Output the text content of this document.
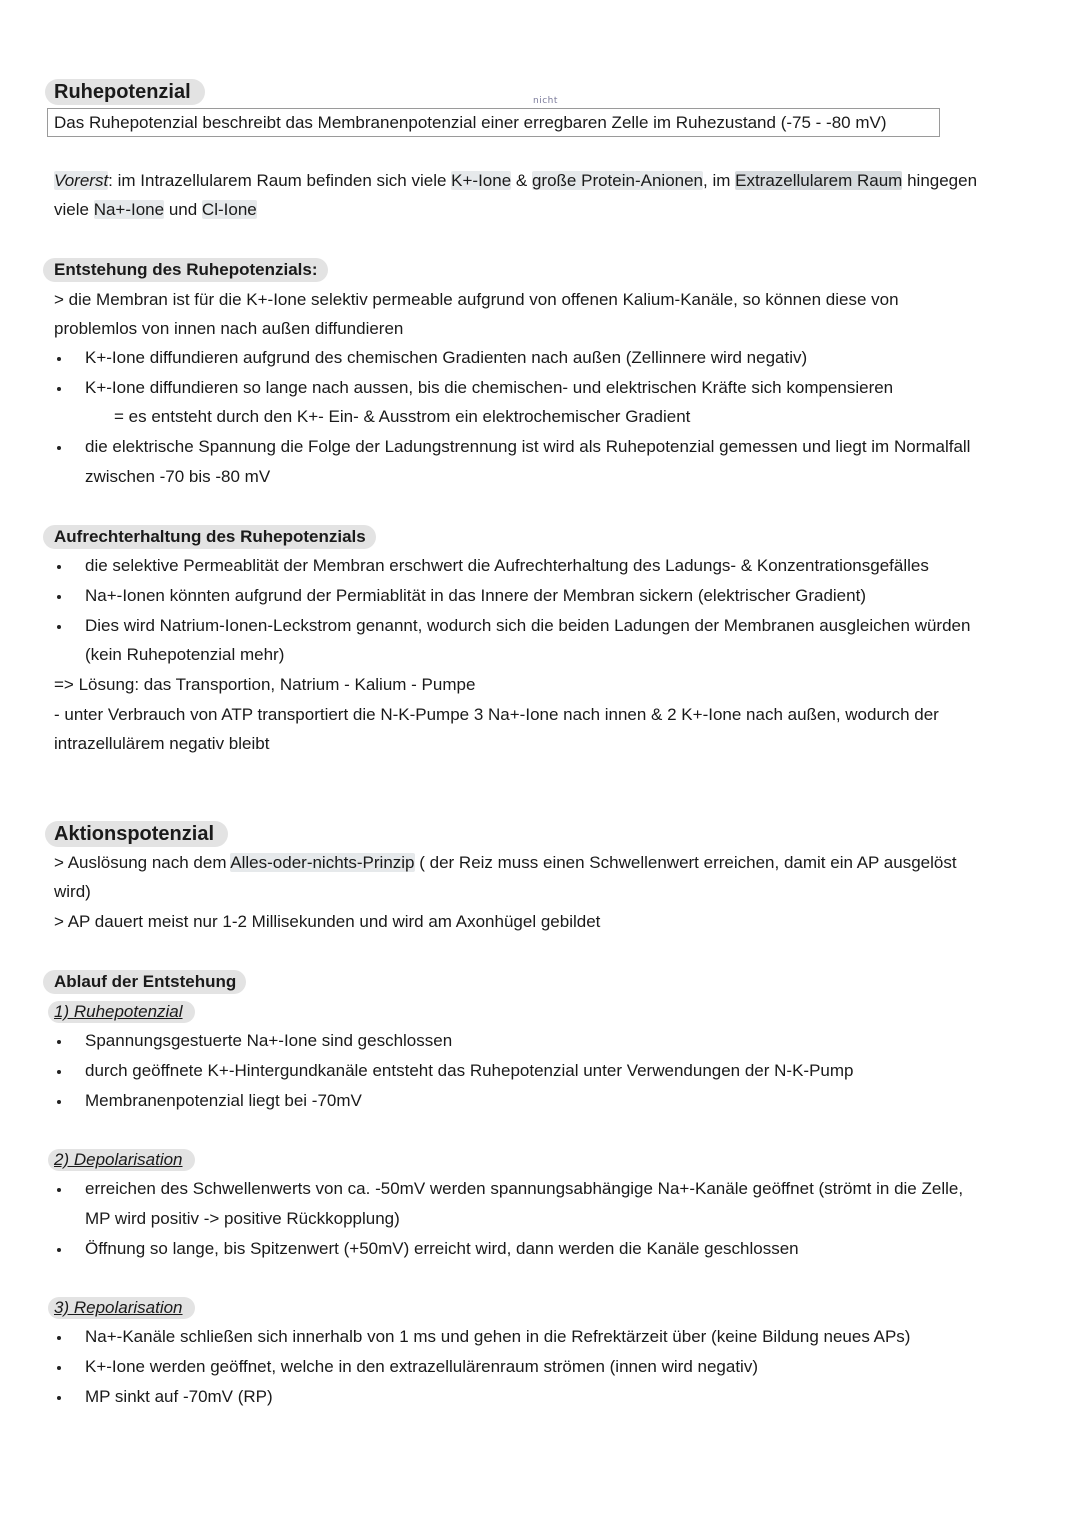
Ruhepotenzial	nicht
Das Ruhepotenzial beschreibt das Membranenpotenzial einer erregbaren Zelle im Ruhezustand (-75 - -80 mV)
Vorerst: im Intrazellularem Raum befinden sich viele K+-Ione & große Protein-Anionen, im Extrazellularem Raum hingegen
viele Na+-Ione und Cl-Ione
Entstehung des Ruhepotenzials:
> die Membran ist für die K+-Ione selektiv permeable aufgrund von offenen Kalium-Kanäle, so können diese von
problemlos von innen nach außen diffundieren
K+-Ione diffundieren aufgrund des chemischen Gradienten nach außen (Zellinnere wird negativ)
K+-Ione diffundieren so lange nach aussen, bis die chemischen- und elektrischen Kräfte sich kompensieren
= es entsteht durch den K+- Ein- & Ausstrom ein elektrochemischer Gradient
die elektrische Spannung die Folge der Ladungstrennung ist wird als Ruhepotenzial gemessen und liegt im Normalfall
zwischen -70 bis -80 mV
Aufrechterhaltung des Ruhepotenzials
die selektive Permeablität der Membran erschwert die Aufrechterhaltung des Ladungs- & Konzentrationsgefälles
Na+-Ionen könnten aufgrund der Permiablität in das Innere der Membran sickern (elektrischer Gradient)
Dies wird Natrium-Ionen-Leckstrom genannt, wodurch sich die beiden Ladungen der Membranen ausgleichen würden
(kein Ruhepotenzial mehr)
=> Lösung: das Transportion, Natrium - Kalium - Pumpe
- unter Verbrauch von ATP transportiert die N-K-Pumpe 3 Na+-Ione nach innen & 2 K+-Ione nach außen, wodurch der
intrazellulärem negativ bleibt
Aktionspotenzial
> Auslösung nach dem Alles-oder-nichts-Prinzip ( der Reiz muss einen Schwellenwert erreichen, damit ein AP ausgelöst
wird)
> AP dauert meist nur 1-2 Millisekunden und wird am Axonhügel gebildet
Ablauf der Entstehung
1) Ruhepotenzial
Spannungsgestuerte Na+-Ione sind geschlossen
durch geöffnete K+-Hintergundkanäle entsteht das Ruhepotenzial unter Verwendungen der N-K-Pump
Membranenpotenzial liegt bei -70mV
2) Depolarisation
erreichen des Schwellenwerts von ca. -50mV werden spannungsabhängige Na+-Kanäle geöffnet (strömt in die Zelle,
MP wird positiv -> positive Rückkopplung)
Öffnung so lange, bis Spitzenwert (+50mV) erreicht wird, dann werden die Kanäle geschlossen
3) Repolarisation
Na+-Kanäle schließen sich innerhalb von 1 ms und gehen in die Refrektärzeit über (keine Bildung neues APs)
K+-Ione werden geöffnet, welche in den extrazellulärenraum strömen (innen wird negativ)
MP sinkt auf -70mV (RP)
